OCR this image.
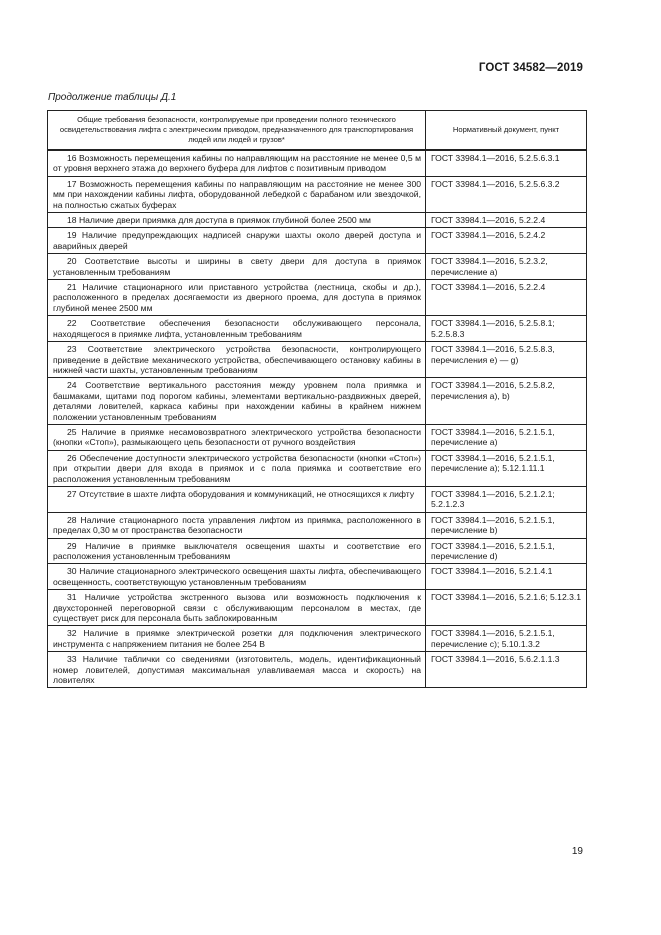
ГОСТ 34582—2019
Продолжение таблицы Д.1
Общие требования безопасности, контролируемые при проведении полного технического освидетельствования лифта с электрическим приводом, предназначенного для транспортирования людей или людей и грузов*	Нормативный документ, пункт
16 Возможность перемещения кабины по направляющим на расстояние не менее 0,5 м от уровня верхнего этажа до верхнего буфера для лифтов с позитивным приводом	ГОСТ 33984.1—2016, 5.2.5.6.3.1
17 Возможность перемещения кабины по направляющим на расстояние не менее 300 мм при нахождении кабины лифта, оборудованной лебедкой с барабаном или звездочкой, на полностью сжатых буферах	ГОСТ 33984.1—2016, 5.2.5.6.3.2
18 Наличие двери приямка для доступа в приямок глубиной более 2500 мм	ГОСТ 33984.1—2016, 5.2.2.4
19 Наличие предупреждающих надписей снаружи шахты около дверей доступа и аварийных дверей	ГОСТ 33984.1—2016, 5.2.4.2
20 Соответствие высоты и ширины в свету двери для доступа в приямок установленным требованиям	ГОСТ 33984.1—2016, 5.2.3.2, перечисление а)
21 Наличие стационарного или приставного устройства (лестница, скобы и др.), расположенного в пределах досягаемости из дверного проема, для доступа в приямок глубиной менее 2500 мм	ГОСТ 33984.1—2016, 5.2.2.4
22 Соответствие обеспечения безопасности обслуживающего персонала, находящегося в приямке лифта, установленным требованиям	ГОСТ 33984.1—2016, 5.2.5.8.1; 5.2.5.8.3
23 Соответствие электрического устройства безопасности, контролирующего приведение в действие механического устройства, обеспечивающего остановку кабины в нижней части шахты, установленным требованиям	ГОСТ 33984.1—2016, 5.2.5.8.3, перечисления е) — g)
24 Соответствие вертикального расстояния между уровнем пола приямка и башмаками, щитами под порогом кабины, элементами вертикально-раздвижных дверей, деталями ловителей, каркаса кабины при нахождении кабины в крайнем нижнем положении установленным требованиям	ГОСТ 33984.1—2016, 5.2.5.8.2, перечисления а), b)
25 Наличие в приямке несамовозвратного электрического устройства безопасности (кнопки «Стоп»), размыкающего цепь безопасности от ручного воздействия	ГОСТ 33984.1—2016, 5.2.1.5.1, перечисление а)
26 Обеспечение доступности электрического устройства безопасности (кнопки «Стоп») при открытии двери для входа в приямок и с пола приямка и соответствие его расположения установленным требованиям	ГОСТ 33984.1—2016, 5.2.1.5.1, перечисление а); 5.12.1.11.1
27 Отсутствие в шахте лифта оборудования и коммуникаций, не относящихся к лифту	ГОСТ 33984.1—2016, 5.2.1.2.1; 5.2.1.2.3
28 Наличие стационарного поста управления лифтом из приямка, расположенного в пределах 0,30 м от пространства безопасности	ГОСТ 33984.1—2016, 5.2.1.5.1, перечисление b)
29 Наличие в приямке выключателя освещения шахты и соответствие его расположения установленным требованиям	ГОСТ 33984.1—2016, 5.2.1.5.1, перечисление d)
30 Наличие стационарного электрического освещения шахты лифта, обеспечивающего освещенность, соответствующую установленным требованиям	ГОСТ 33984.1—2016, 5.2.1.4.1
31 Наличие устройства экстренного вызова или возможность подключения к двухсторонней переговорной связи с обслуживающим персоналом в местах, где существует риск для персонала быть заблокированным	ГОСТ 33984.1—2016, 5.2.1.6; 5.12.3.1
32 Наличие в приямке электрической розетки для подключения электрического инструмента с напряжением питания не более 254 В	ГОСТ 33984.1—2016, 5.2.1.5.1, перечисление с); 5.10.1.3.2
33 Наличие таблички со сведениями (изготовитель, модель, идентификационный номер ловителей, допустимая максимальная улавливаемая масса и скорость) на ловителях	ГОСТ 33984.1—2016, 5.6.2.1.1.3
19
